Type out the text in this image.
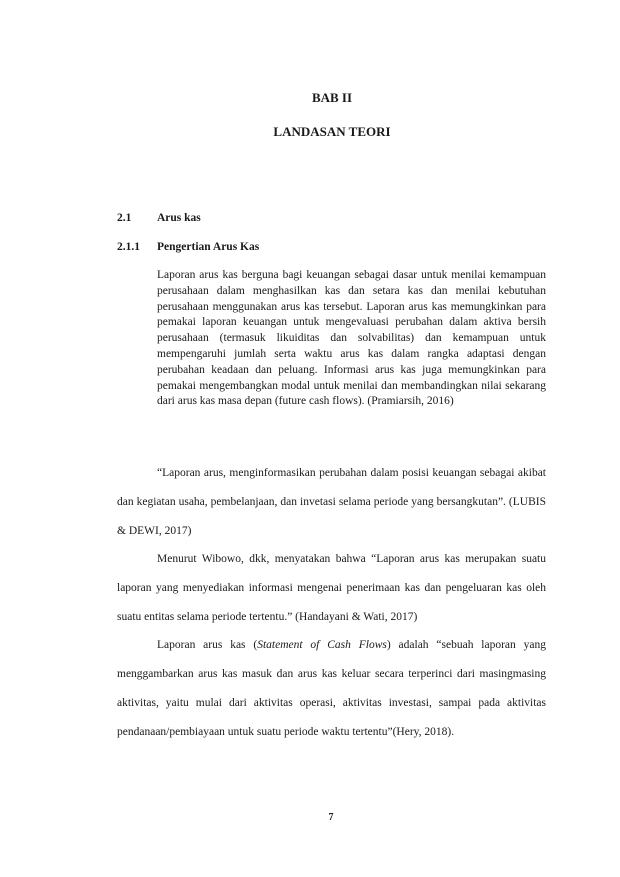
BAB II
LANDASAN TEORI
2.1 Arus kas
2.1.1 Pengertian Arus Kas
Laporan arus kas berguna bagi keuangan sebagai dasar untuk menilai kemampuan perusahaan dalam menghasilkan kas dan setara kas dan menilai kebutuhan perusahaan menggunakan arus kas tersebut. Laporan arus kas memungkinkan para pemakai laporan keuangan untuk mengevaluasi perubahan dalam aktiva bersih perusahaan (termasuk likuiditas dan solvabilitas) dan kemampuan untuk mempengaruhi jumlah serta waktu arus kas dalam rangka adaptasi dengan perubahan keadaan dan peluang. Informasi arus kas juga memungkinkan para pemakai mengembangkan modal untuk menilai dan membandingkan nilai sekarang dari arus kas masa depan (future cash flows). (Pramiarsih, 2016)
“Laporan arus, menginformasikan perubahan dalam posisi keuangan sebagai akibat dan kegiatan usaha, pembelanjaan, dan invetasi selama periode yang bersangkutan”. (LUBIS & DEWI, 2017)
Menurut Wibowo, dkk, menyatakan bahwa “Laporan arus kas merupakan suatu laporan yang menyediakan informasi mengenai penerimaan kas dan pengeluaran kas oleh suatu entitas selama periode tertentu.” (Handayani & Wati, 2017)
Laporan arus kas (Statement of Cash Flows) adalah “sebuah laporan yang menggambarkan arus kas masuk dan arus kas keluar secara terperinci dari masingmasing aktivitas, yaitu mulai dari aktivitas operasi, aktivitas investasi, sampai pada aktivitas pendanaan/pembiayaan untuk suatu periode waktu tertentu”(Hery, 2018).
7
